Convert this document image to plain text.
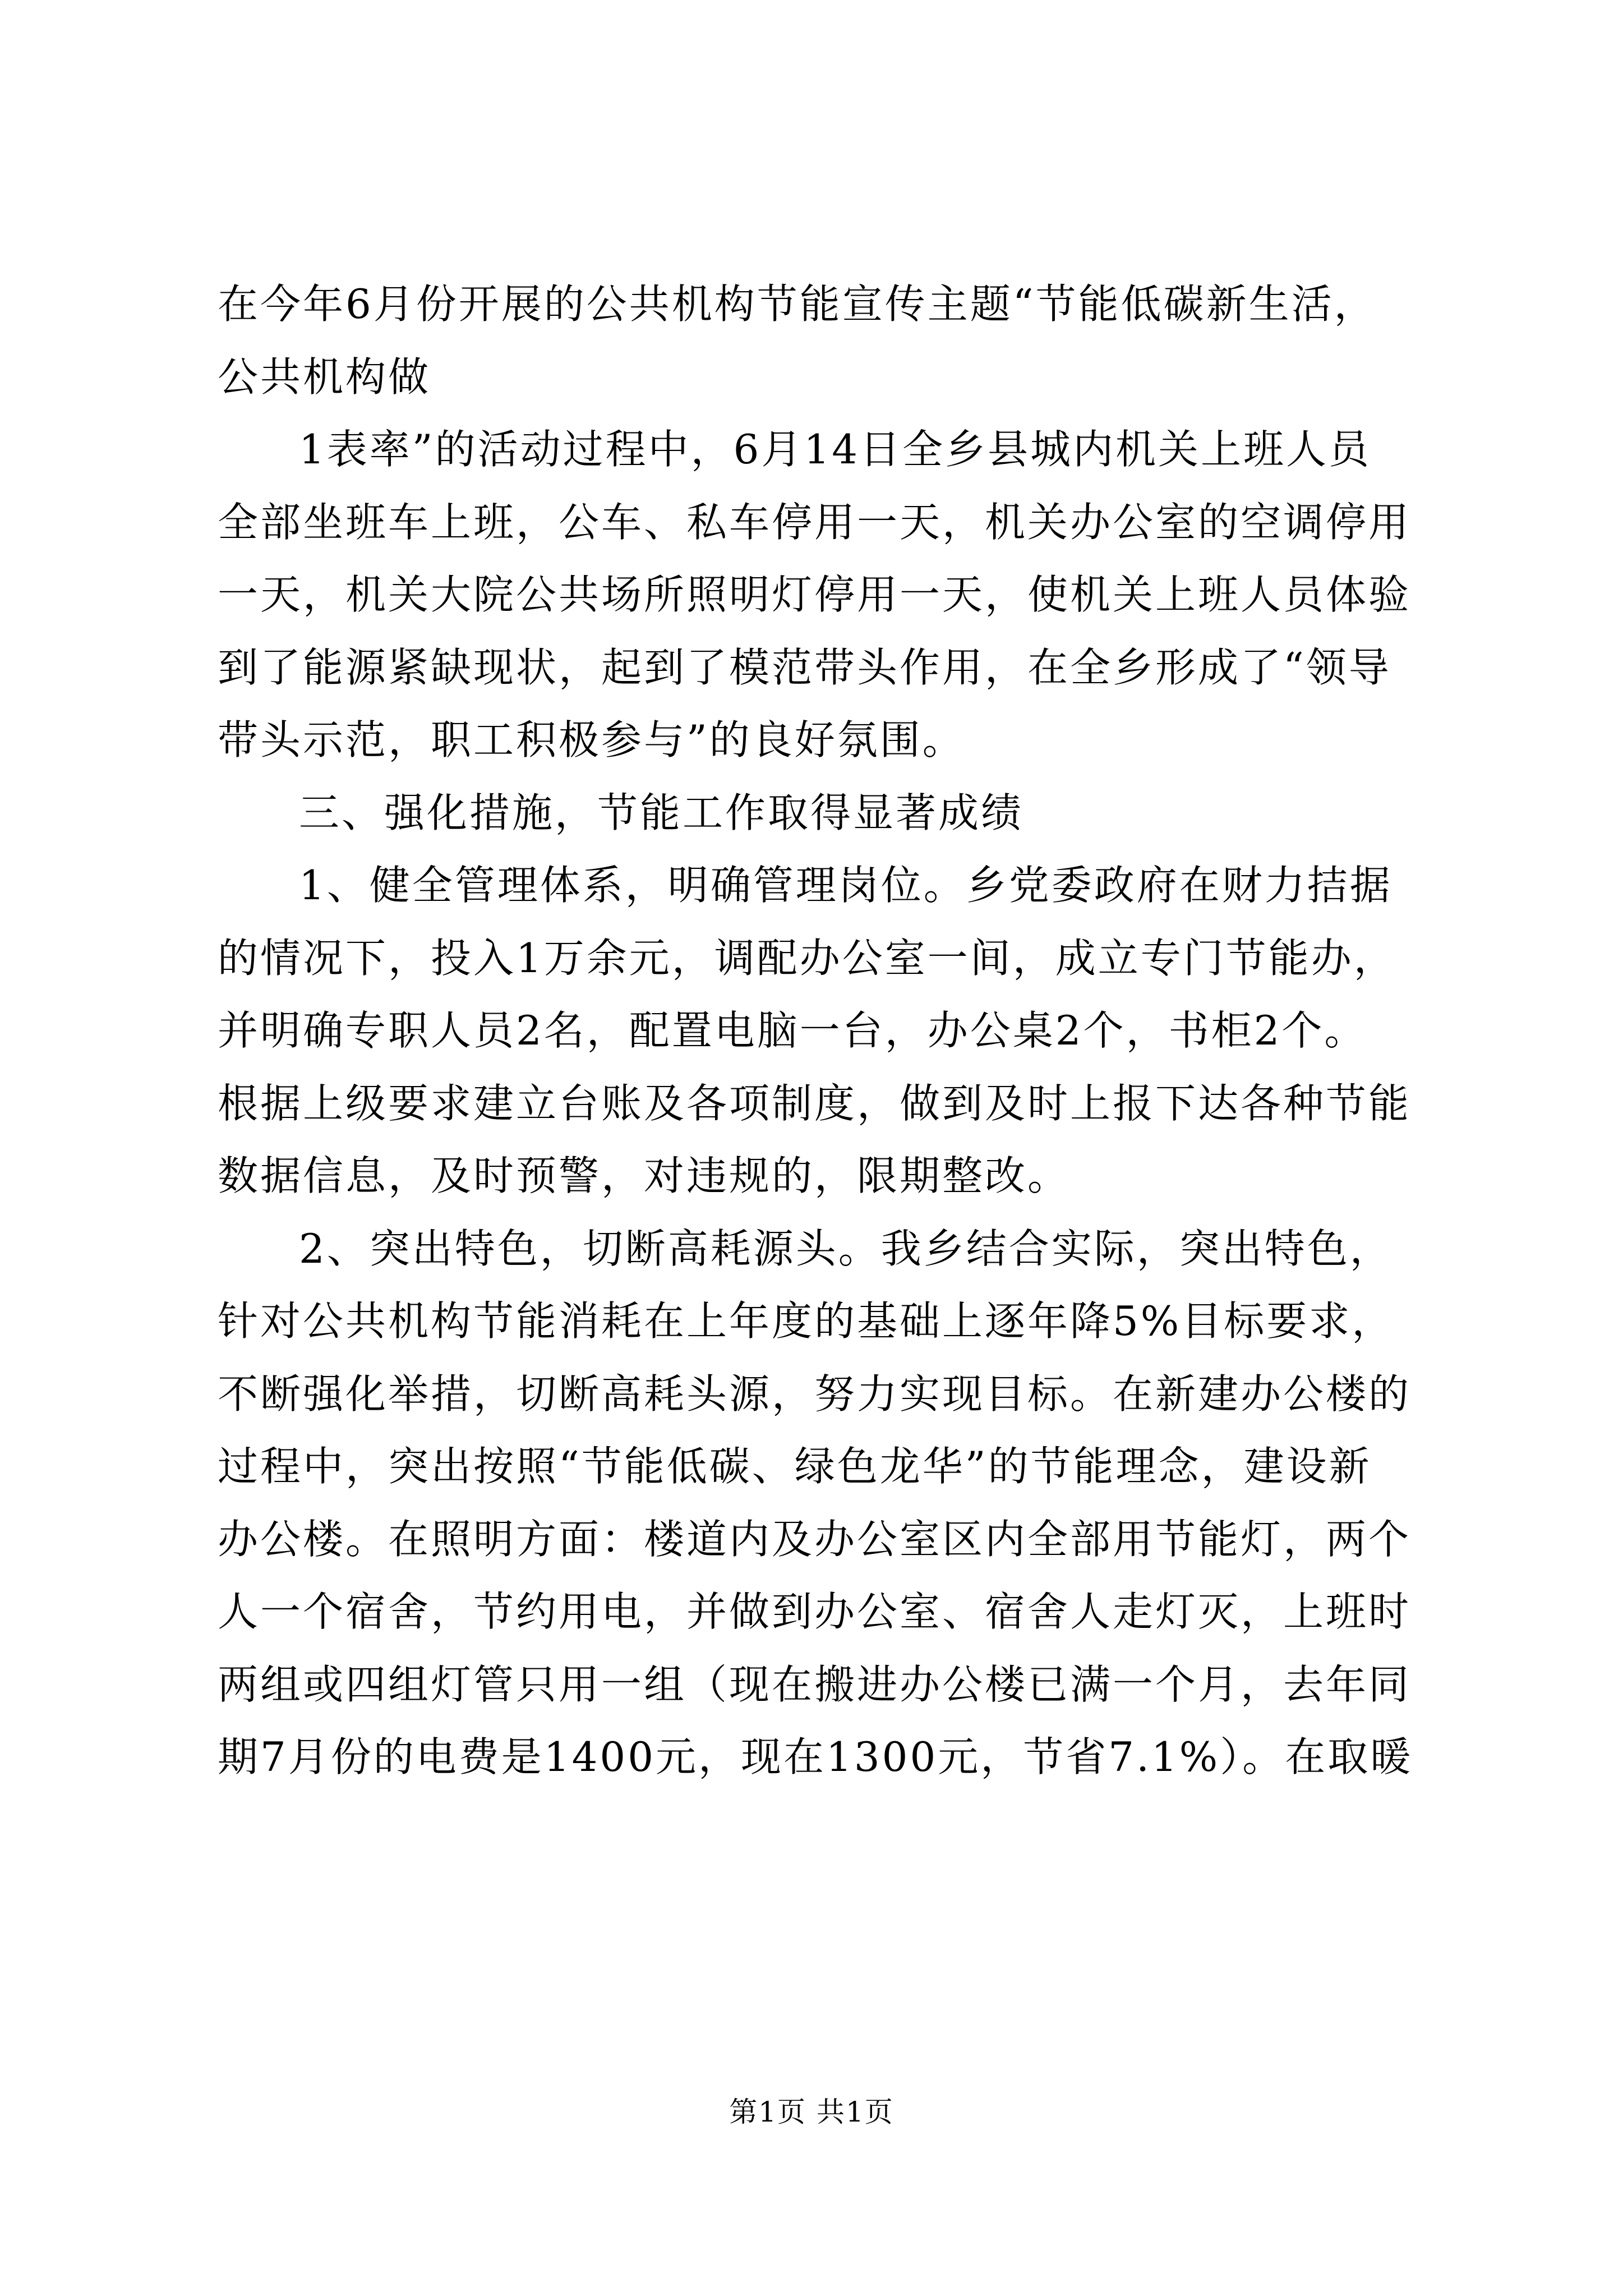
在今年6月份开展的公共机构节能宣传主题“节能低碳新生活，
公共机构做
1表率”的活动过程中，6月14日全乡县城内机关上班人员
全部坐班车上班，公车、私车停用一天，机关办公室的空调停用
一天，机关大院公共场所照明灯停用一天，使机关上班人员体验
到了能源紧缺现状，起到了模范带头作用，在全乡形成了“领导
带头示范，职工积极参与”的良好氛围。
三、强化措施，节能工作取得显著成绩
1、健全管理体系，明确管理岗位。乡党委政府在财力拮据
的情况下，投入1万余元，调配办公室一间，成立专门节能办，
并明确专职人员2名，配置电脑一台，办公桌2个，书柜2个。
根据上级要求建立台账及各项制度，做到及时上报下达各种节能
数据信息，及时预警，对违规的，限期整改。
2、突出特色，切断高耗源头。我乡结合实际，突出特色，
针对公共机构节能消耗在上年度的基础上逐年降5%目标要求，
不断强化举措，切断高耗头源，努力实现目标。在新建办公楼的
过程中，突出按照“节能低碳、绿色龙华”的节能理念，建设新
办公楼。在照明方面：楼道内及办公室区内全部用节能灯，两个
人一个宿舍，节约用电，并做到办公室、宿舍人走灯灭，上班时
两组或四组灯管只用一组（现在搬进办公楼已满一个月，去年同
期7月份的电费是1400元，现在1300元，节省7.1%）。在取暖
第1页 共1页
